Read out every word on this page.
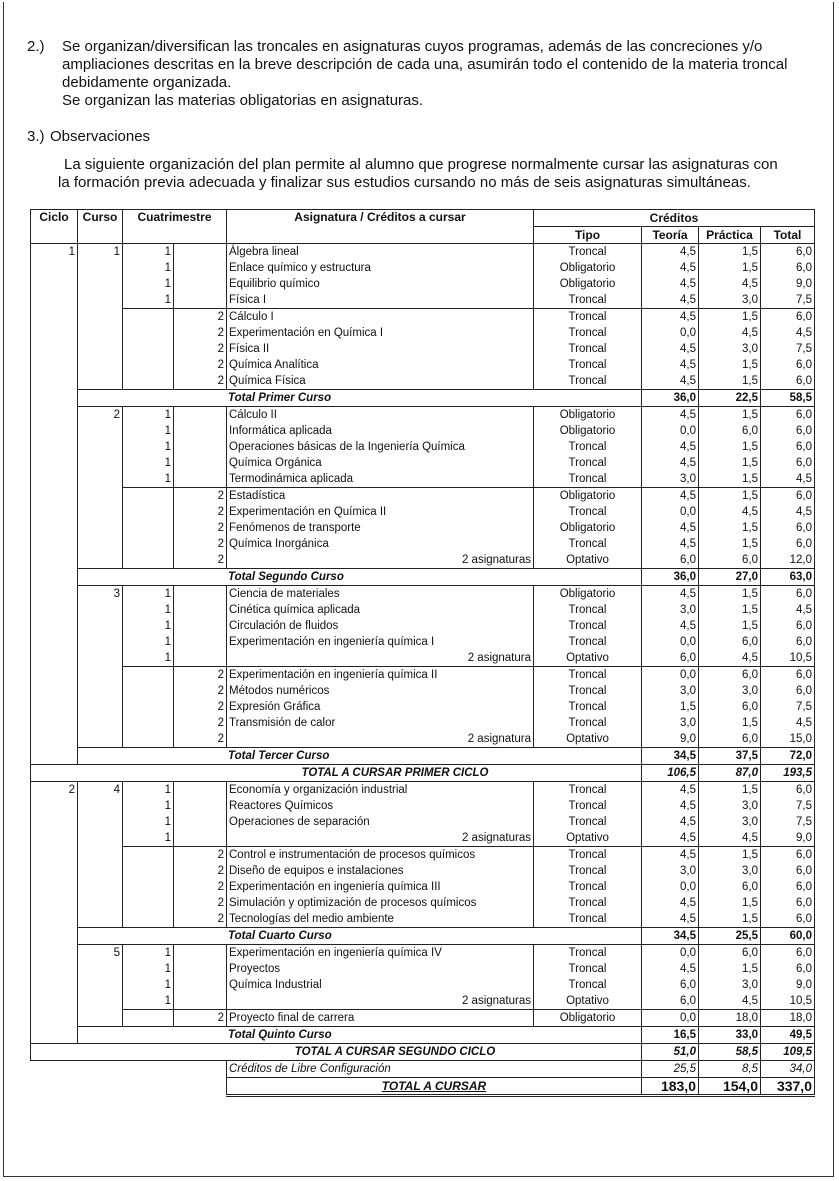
2.) Se organizan/diversifican las troncales en asignaturas cuyos programas, además de las concreciones y/o

ampliaciones descritas en la breve descripción de cada una, asumirán todo el contenido de la materia troncal

debidamente organizada.

Se organizan las materias obligatorias en asignaturas.

3.) Observaciones

La siguiente organización del plan permite al alumno que progrese normalmente cursar las asignaturas con

la formación previa adecuada y finalizar sus estudios cursando no más de seis asignaturas simultáneas.

Ciclo	Curso	Cuatrimestre		Asignatura / Créditos a cursar	Créditos			
					Tipo	Teoría	Práctica	Total
1	1	1		Álgebra lineal	Troncal	4,5	1,5	6,0
		1		Enlace químico y estructura	Obligatorio	4,5	1,5	6,0
		1		Equilibrio químico	Obligatorio	4,5	4,5	9,0
		1		Física I	Troncal	4,5	3,0	7,5
			2	Cálculo I	Troncal	4,5	1,5	6,0
			2	Experimentación en Química I	Troncal	0,0	4,5	4,5
			2	Física II	Troncal	4,5	3,0	7,5
			2	Química Analítica	Troncal	4,5	1,5	6,0
			2	Química Física	Troncal	4,5	1,5	6,0
	Total Primer Curso					36,0	22,5	58,5
	2	1		Cálculo II	Obligatorio	4,5	1,5	6,0
		1		Informática aplicada	Obligatorio	0,0	6,0	6,0
		1		Operaciones básicas de la Ingeniería Química	Troncal	4,5	1,5	6,0
		1		Química Orgánica	Troncal	4,5	1,5	6,0
		1		Termodinámica aplicada	Troncal	3,0	1,5	4,5
			2	Estadística	Obligatorio	4,5	1,5	6,0
			2	Experimentación en Química II	Troncal	0,0	4,5	4,5
			2	Fenómenos de transporte	Obligatorio	4,5	1,5	6,0
			2	Química Inorgánica	Troncal	4,5	1,5	6,0
			2	2 asignaturas	Optativo	6,0	6,0	12,0
	Total Segundo Curso					36,0	27,0	63,0
	3	1		Ciencia de materiales	Obligatorio	4,5	1,5	6,0
		1		Cinética química aplicada	Troncal	3,0	1,5	4,5
		1		Circulación de fluidos	Troncal	4,5	1,5	6,0
		1		Experimentación en ingeniería química I	Troncal	0,0	6,0	6,0
		1		2 asignatura	Optativo	6,0	4,5	10,5
			2	Experimentación en ingeniería química II	Troncal	0,0	6,0	6,0
			2	Métodos numéricos	Troncal	3,0	3,0	6,0
			2	Expresión Gráfica	Troncal	1,5	6,0	7,5
			2	Transmisión de calor	Troncal	3,0	1,5	4,5
			2	2 asignatura	Optativo	9,0	6,0	15,0
	Total Tercer Curso					34,5	37,5	72,0
TOTAL A CURSAR PRIMER CICLO						106,5	87,0	193,5
2	4	1		Economía y organización industrial	Troncal	4,5	1,5	6,0
		1		Reactores Químicos	Troncal	4,5	3,0	7,5
		1		Operaciones de separación	Troncal	4,5	3,0	7,5
		1		2 asignaturas	Optativo	4,5	4,5	9,0
			2	Control e instrumentación de procesos químicos	Troncal	4,5	1,5	6,0
			2	Diseño de equipos e instalaciones	Troncal	3,0	3,0	6,0
			2	Experimentación en ingeniería química III	Troncal	0,0	6,0	6,0
			2	Simulación y optimización de procesos químicos	Troncal	4,5	1,5	6,0
			2	Tecnologías del medio ambiente	Troncal	4,5	1,5	6,0
	Total Cuarto Curso					34,5	25,5	60,0
	5	1		Experimentación en ingeniería química IV	Troncal	0,0	6,0	6,0
		1		Proyectos	Troncal	4,5	1,5	6,0
		1		Química Industrial	Troncal	6,0	3,0	9,0
		1		2 asignaturas	Optativo	6,0	4,5	10,5
			2	Proyecto final de carrera	Obligatorio	0,0	18,0	18,0
	Total Quinto Curso					16,5	33,0	49,5
TOTAL A CURSAR SEGUNDO CICLO						51,0	58,5	109,5
				Créditos de Libre Configuración		25,5	8,5	34,0
				TOTAL A CURSAR		183,0	154,0	337,0
